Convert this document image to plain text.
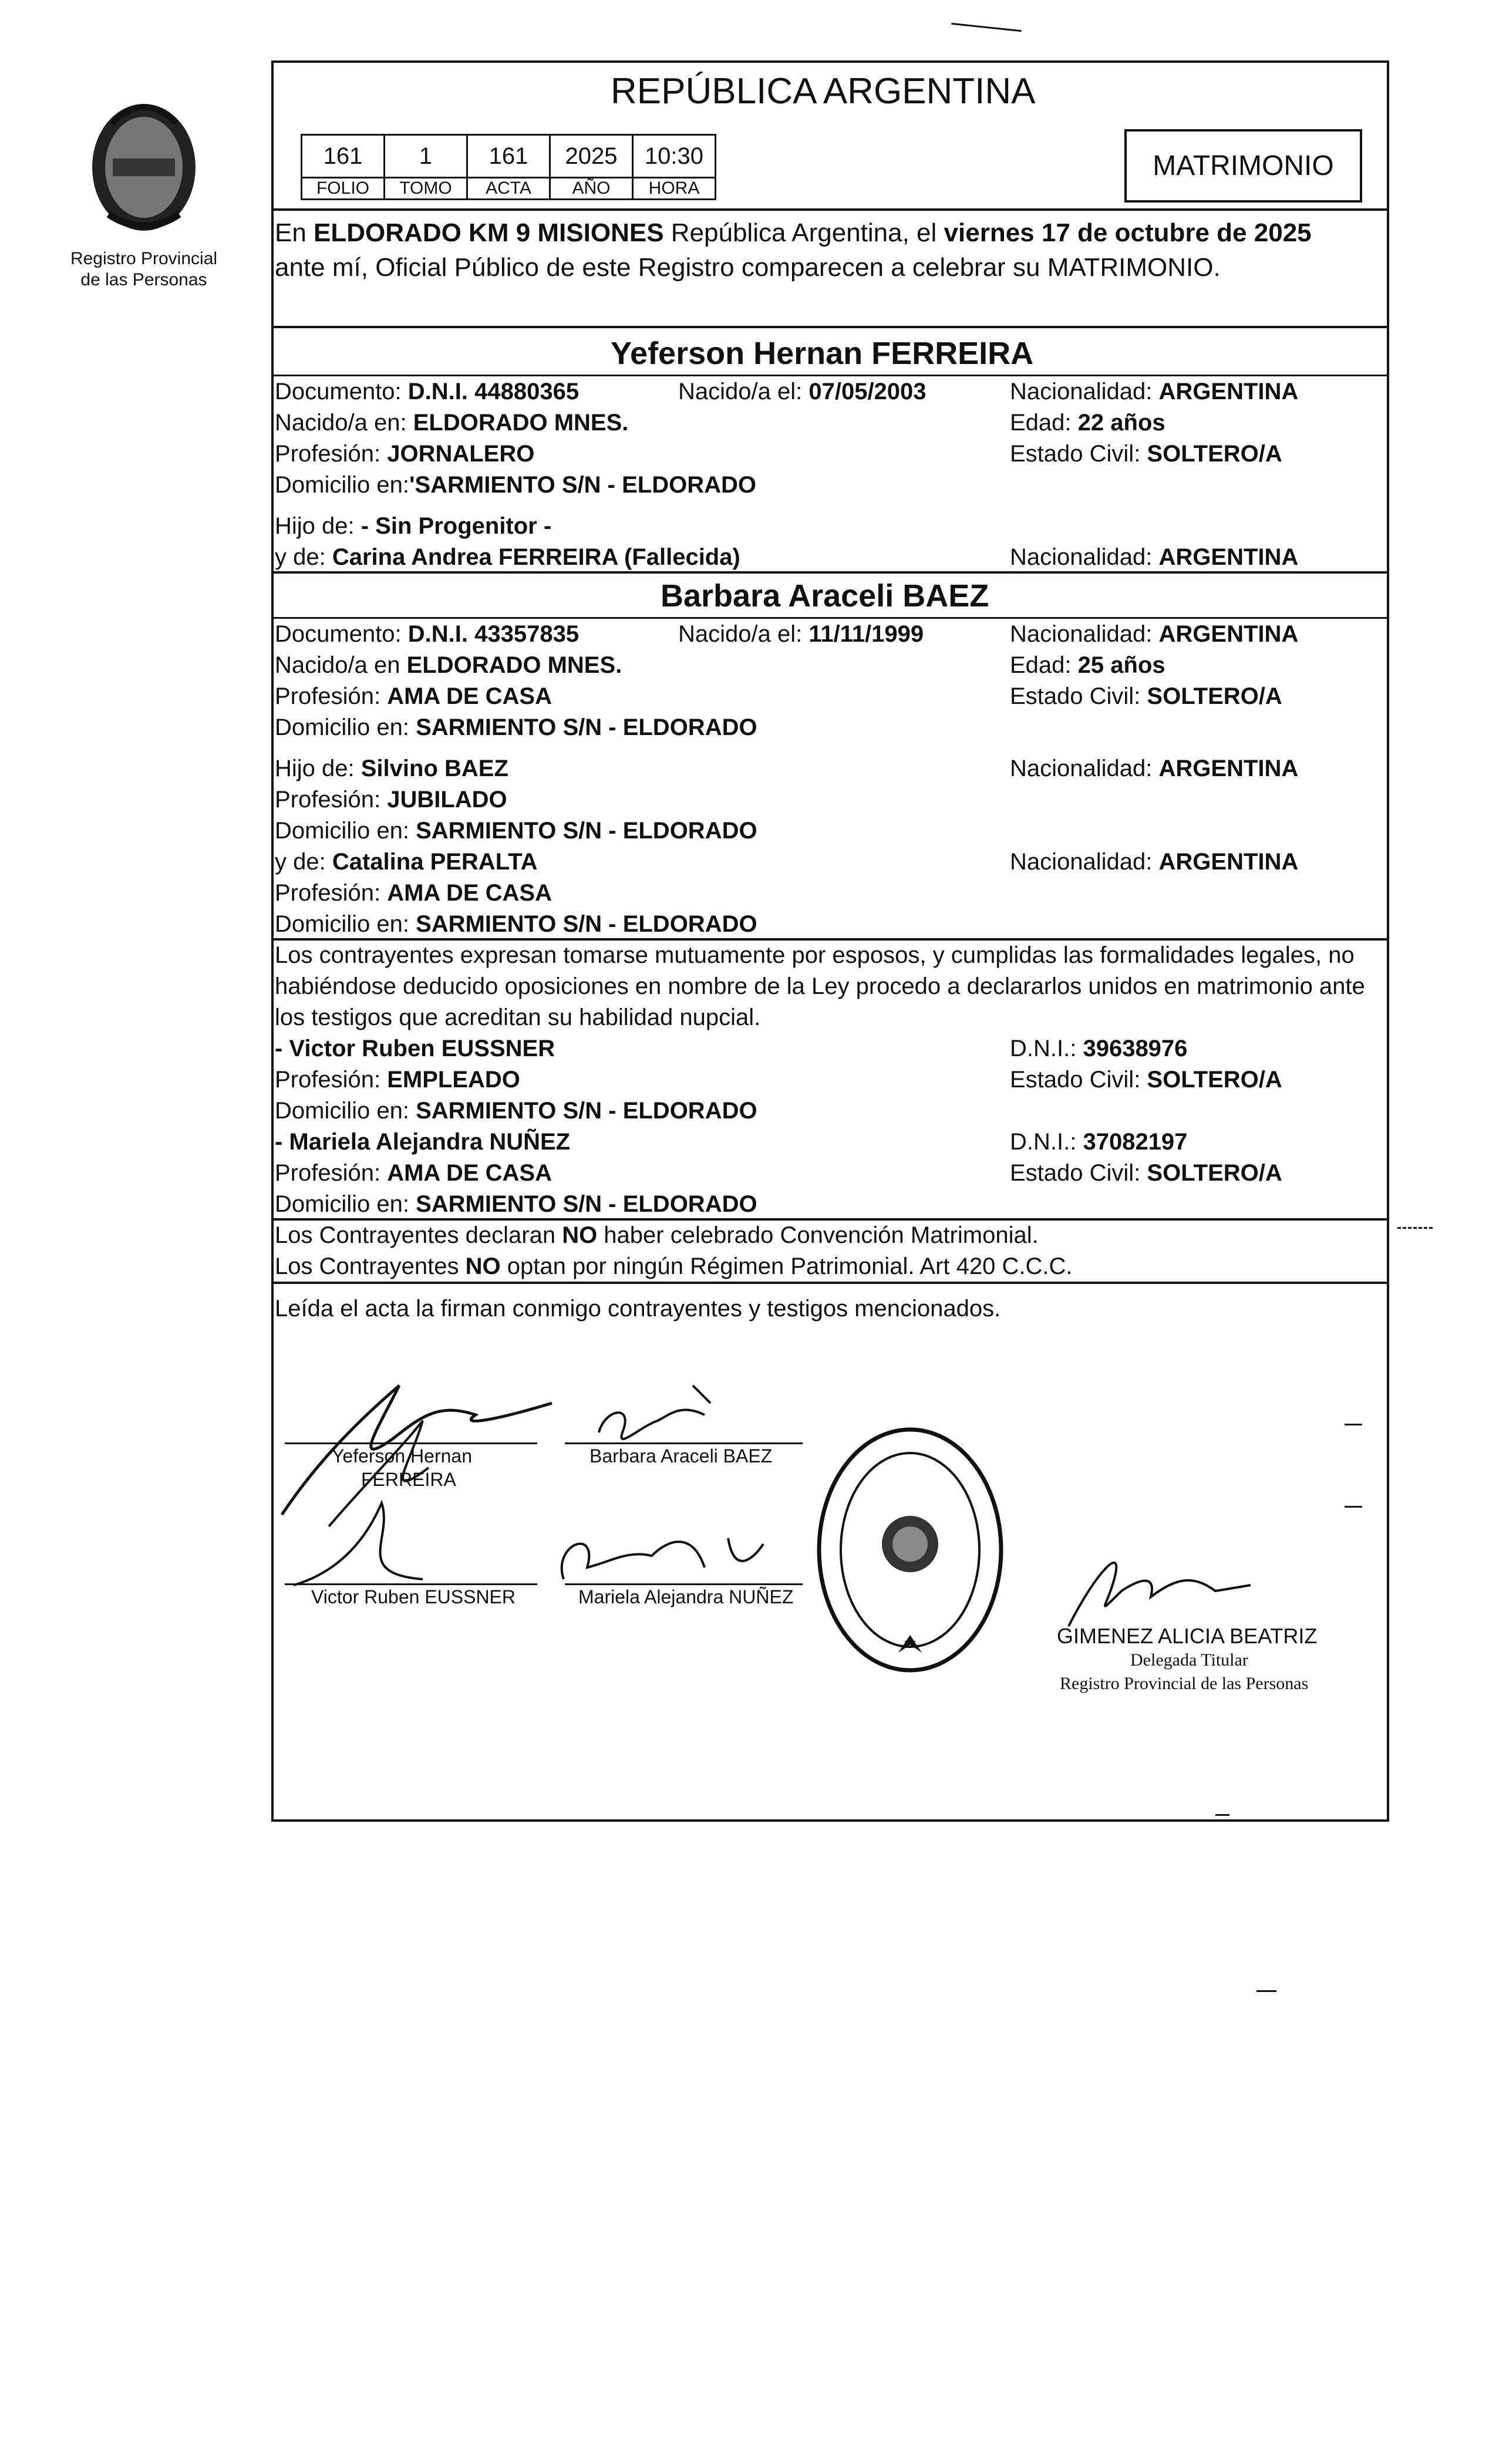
Registro Provincial
de las Personas
REPÚBLICA ARGENTINA
161	1	161	2025	10:30
FOLIO	TOMO	ACTA	AÑO	HORA
MATRIMONIO
En ELDORADO KM 9 MISIONES República Argentina, el viernes 17 de octubre de 2025
ante mí, Oficial Público de este Registro comparecen a celebrar su MATRIMONIO.
Yeferson Hernan FERREIRA
Documento: D.N.I. 44880365	Nacido/a el: 07/05/2003	Nacionalidad: ARGENTINA
Nacido/a en: ELDORADO MNES.	Edad: 22 años
Profesión: JORNALERO	Estado Civil: SOLTERO/A
Domicilio en:'SARMIENTO S/N - ELDORADO
Hijo de: - Sin Progenitor -
y de: Carina Andrea FERREIRA (Fallecida)	Nacionalidad: ARGENTINA
Barbara Araceli BAEZ
Documento: D.N.I. 43357835	Nacido/a el: 11/11/1999	Nacionalidad: ARGENTINA
Nacido/a en ELDORADO MNES.	Edad: 25 años
Profesión: AMA DE CASA	Estado Civil: SOLTERO/A
Domicilio en: SARMIENTO S/N - ELDORADO
Hijo de: Silvino BAEZ	Nacionalidad: ARGENTINA
Profesión: JUBILADO
Domicilio en: SARMIENTO S/N - ELDORADO
y de: Catalina PERALTA	Nacionalidad: ARGENTINA
Profesión: AMA DE CASA
Domicilio en: SARMIENTO S/N - ELDORADO
Los contrayentes expresan tomarse mutuamente por esposos, y cumplidas las formalidades legales, no
habiéndose deducido oposiciones en nombre de la Ley procedo a declararlos unidos en matrimonio ante
los testigos que acreditan su habilidad nupcial.
- Victor Ruben EUSSNER	D.N.I.: 39638976
Profesión: EMPLEADO	Estado Civil: SOLTERO/A
Domicilio en: SARMIENTO S/N - ELDORADO
- Mariela Alejandra NUÑEZ	D.N.I.: 37082197
Profesión: AMA DE CASA	Estado Civil: SOLTERO/A
Domicilio en: SARMIENTO S/N - ELDORADO
Los Contrayentes declaran NO haber celebrado Convención Matrimonial.
Los Contrayentes NO optan por ningún Régimen Patrimonial. Art 420 C.C.C.
Leída el acta la firman conmigo contrayentes y testigos mencionados.
Yeferson Hernan
FERREIRA
Barbara Araceli BAEZ
Victor Ruben EUSSNER	Mariela Alejandra NUÑEZ
GIMENEZ ALICIA BEATRIZ
Delegada Titular
Registro Provincial de las Personas
